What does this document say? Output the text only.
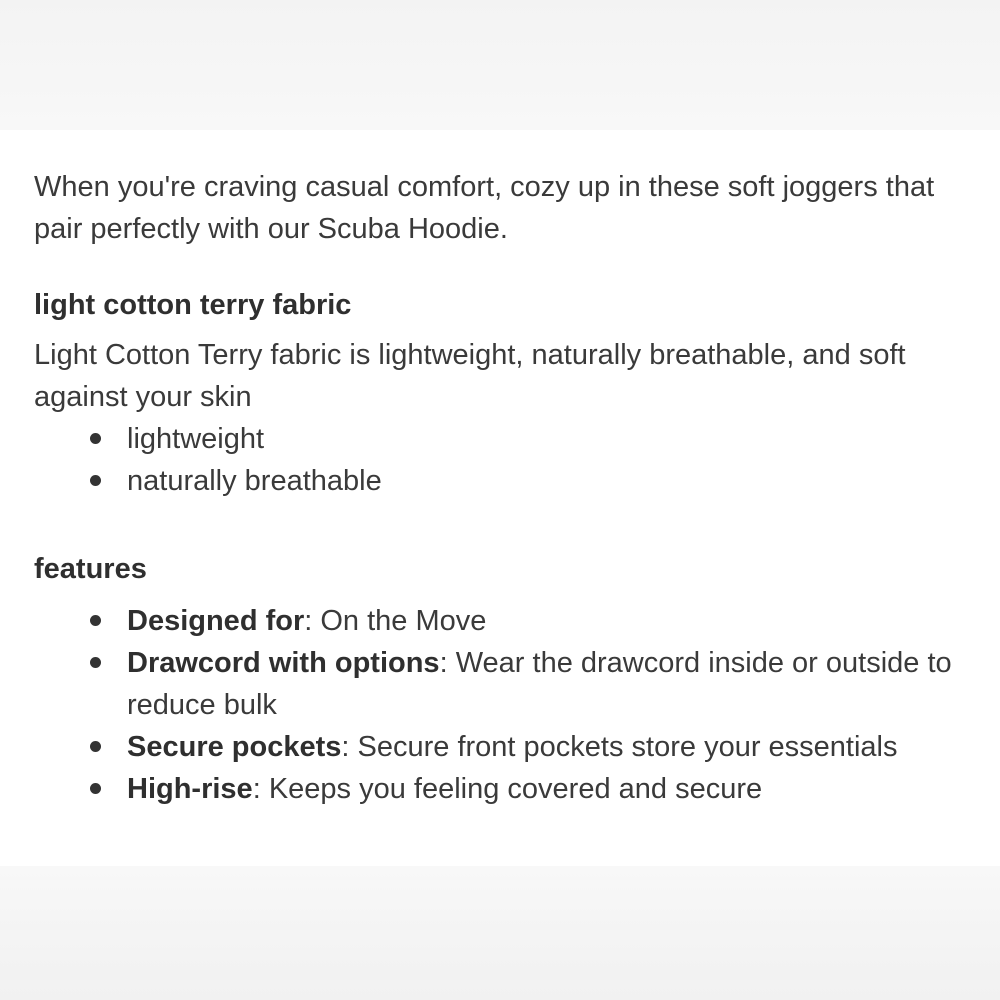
When you're craving casual comfort, cozy up in these soft joggers that pair perfectly with our Scuba Hoodie.

light cotton terry fabric

Light Cotton Terry fabric is lightweight, naturally breathable, and soft against your skin

lightweight
naturally breathable
features
Designed for: On the Move
Drawcord with options: Wear the drawcord inside or outside to reduce bulk
Secure pockets: Secure front pockets store your essentials
High-rise: Keeps you feeling covered and secure
